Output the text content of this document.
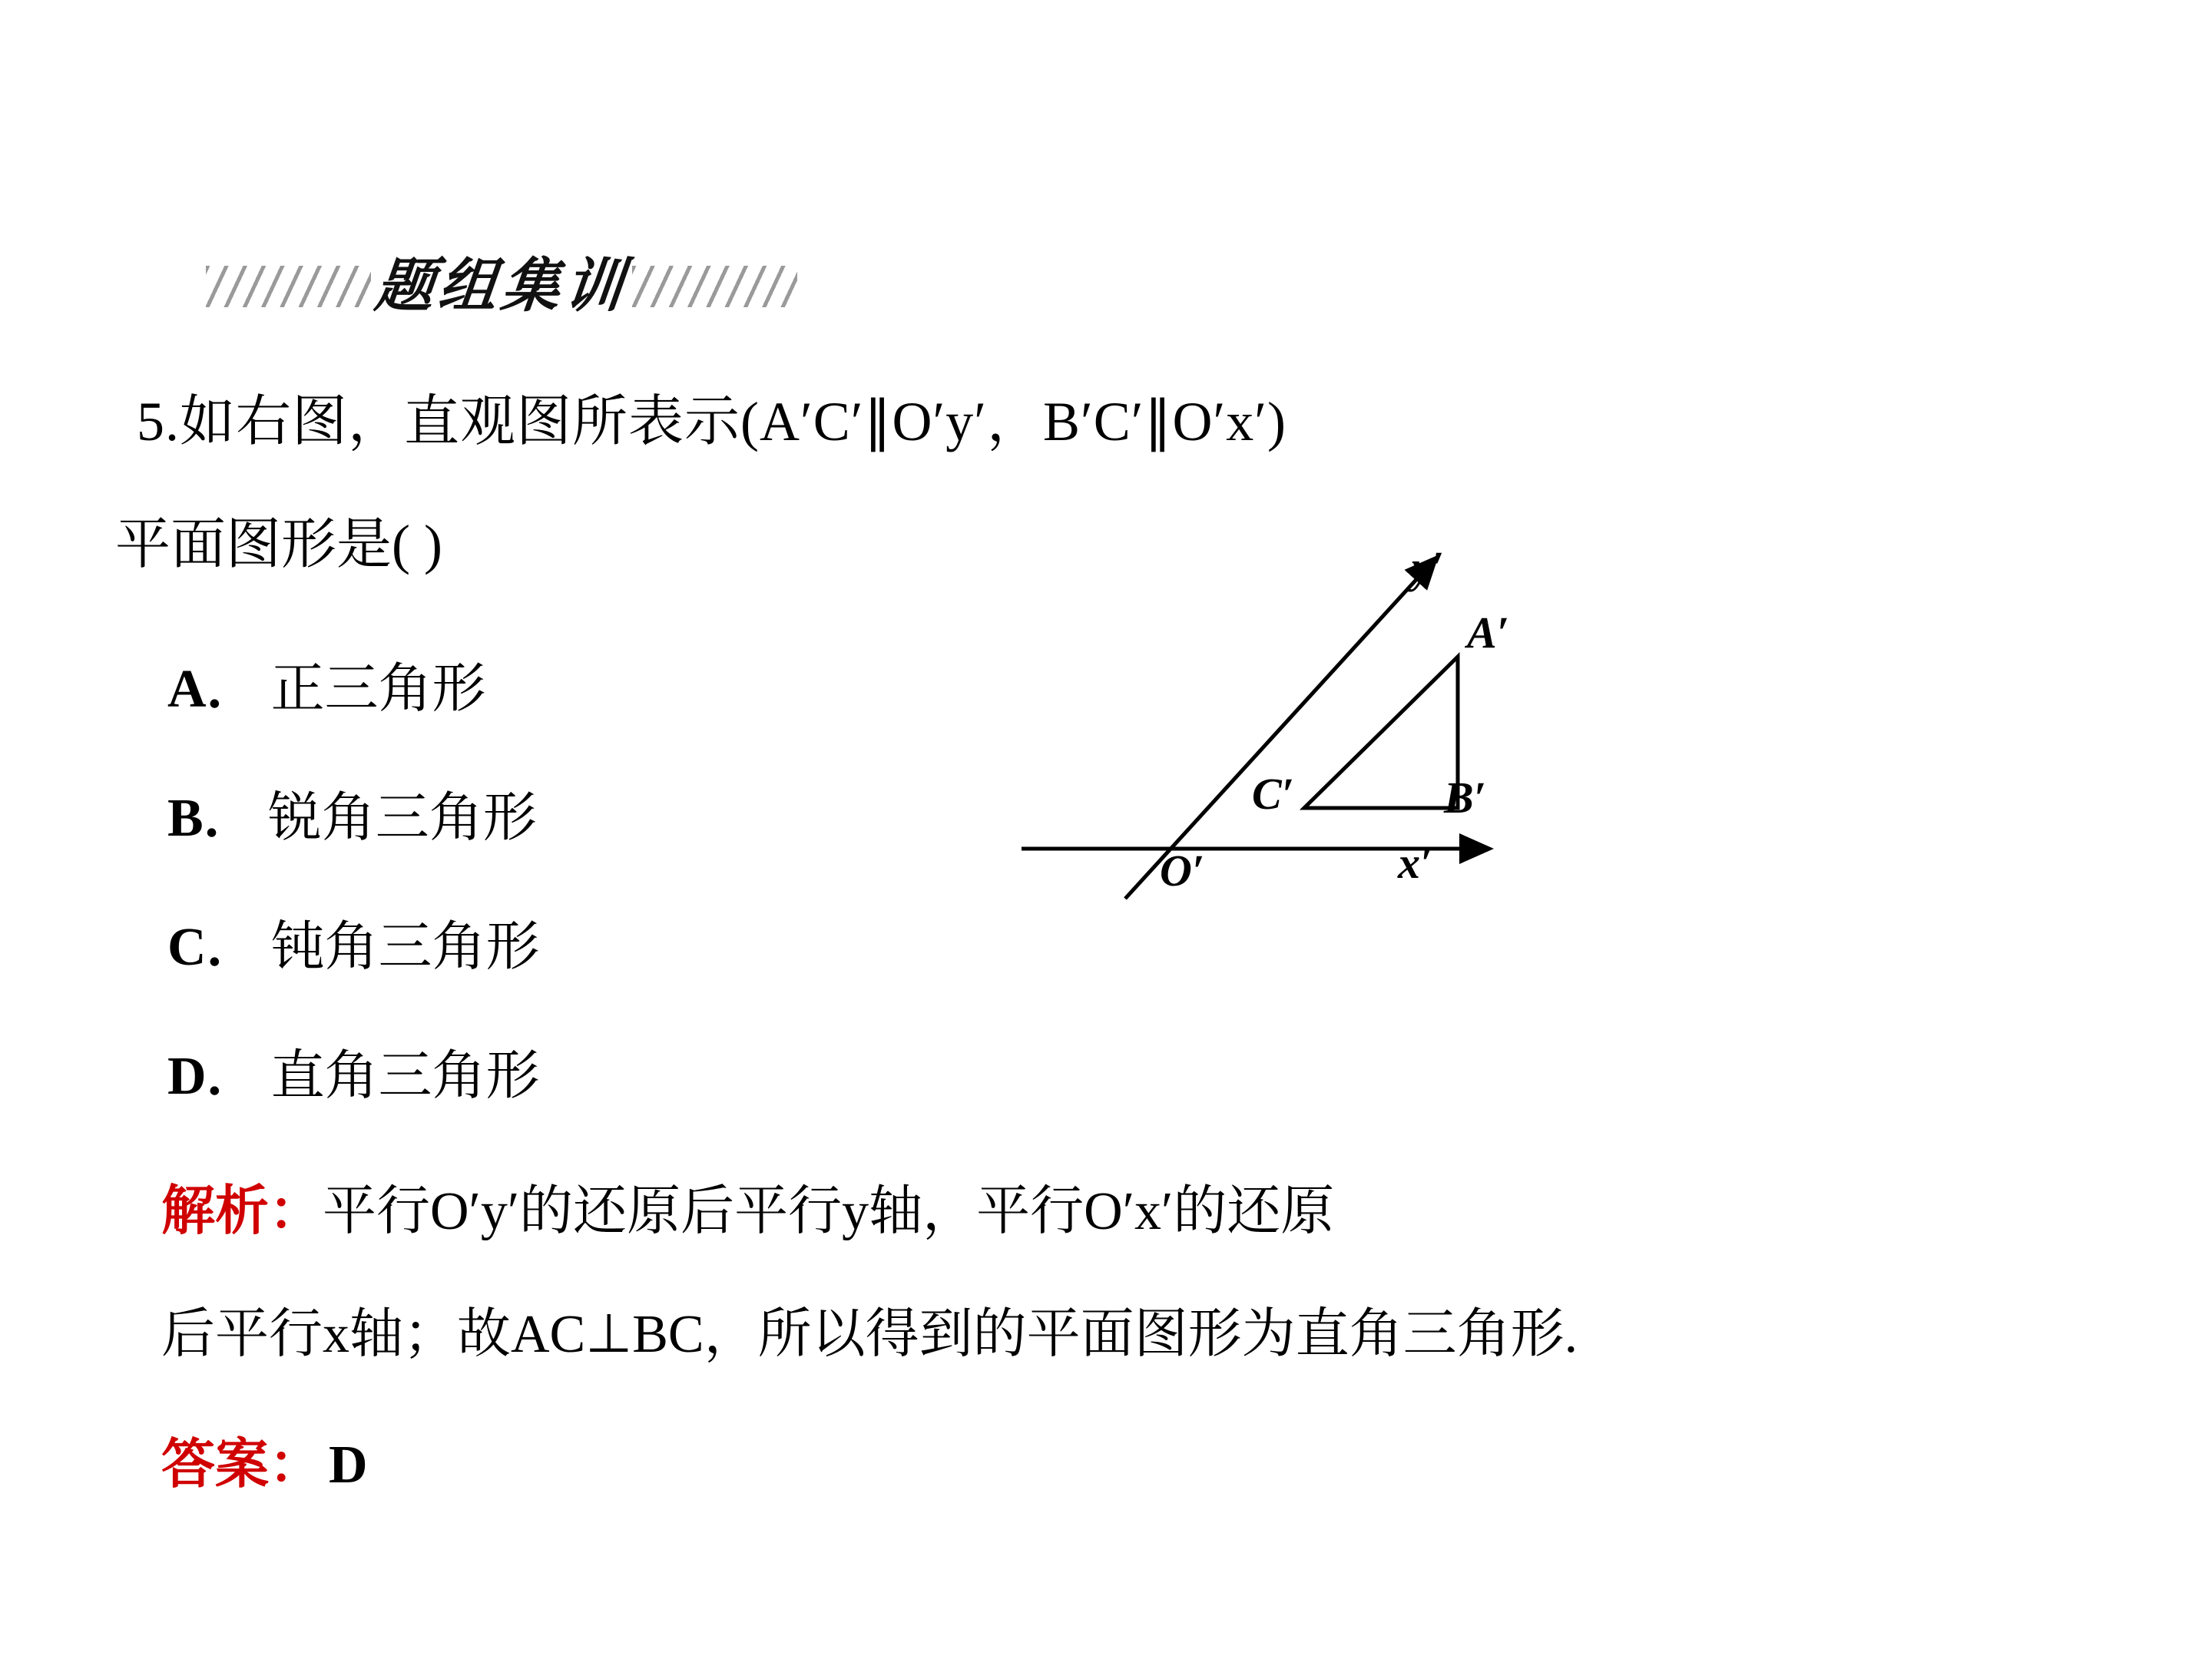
题组集训
5.如右图，直观图所表示(A′C′∥O′y′，B′C′∥O′x′)
平面图形是( )
A． 正三角形
B． 锐角三角形
C． 钝角三角形
D． 直角三角形
解析：平行O′y′的还原后平行y轴，平行O′x′的还原
后平行x轴；故AC⊥BC，所以得到的平面图形为直角三角形.
答案： D
y′
A′
C′	B′
O′	x′
